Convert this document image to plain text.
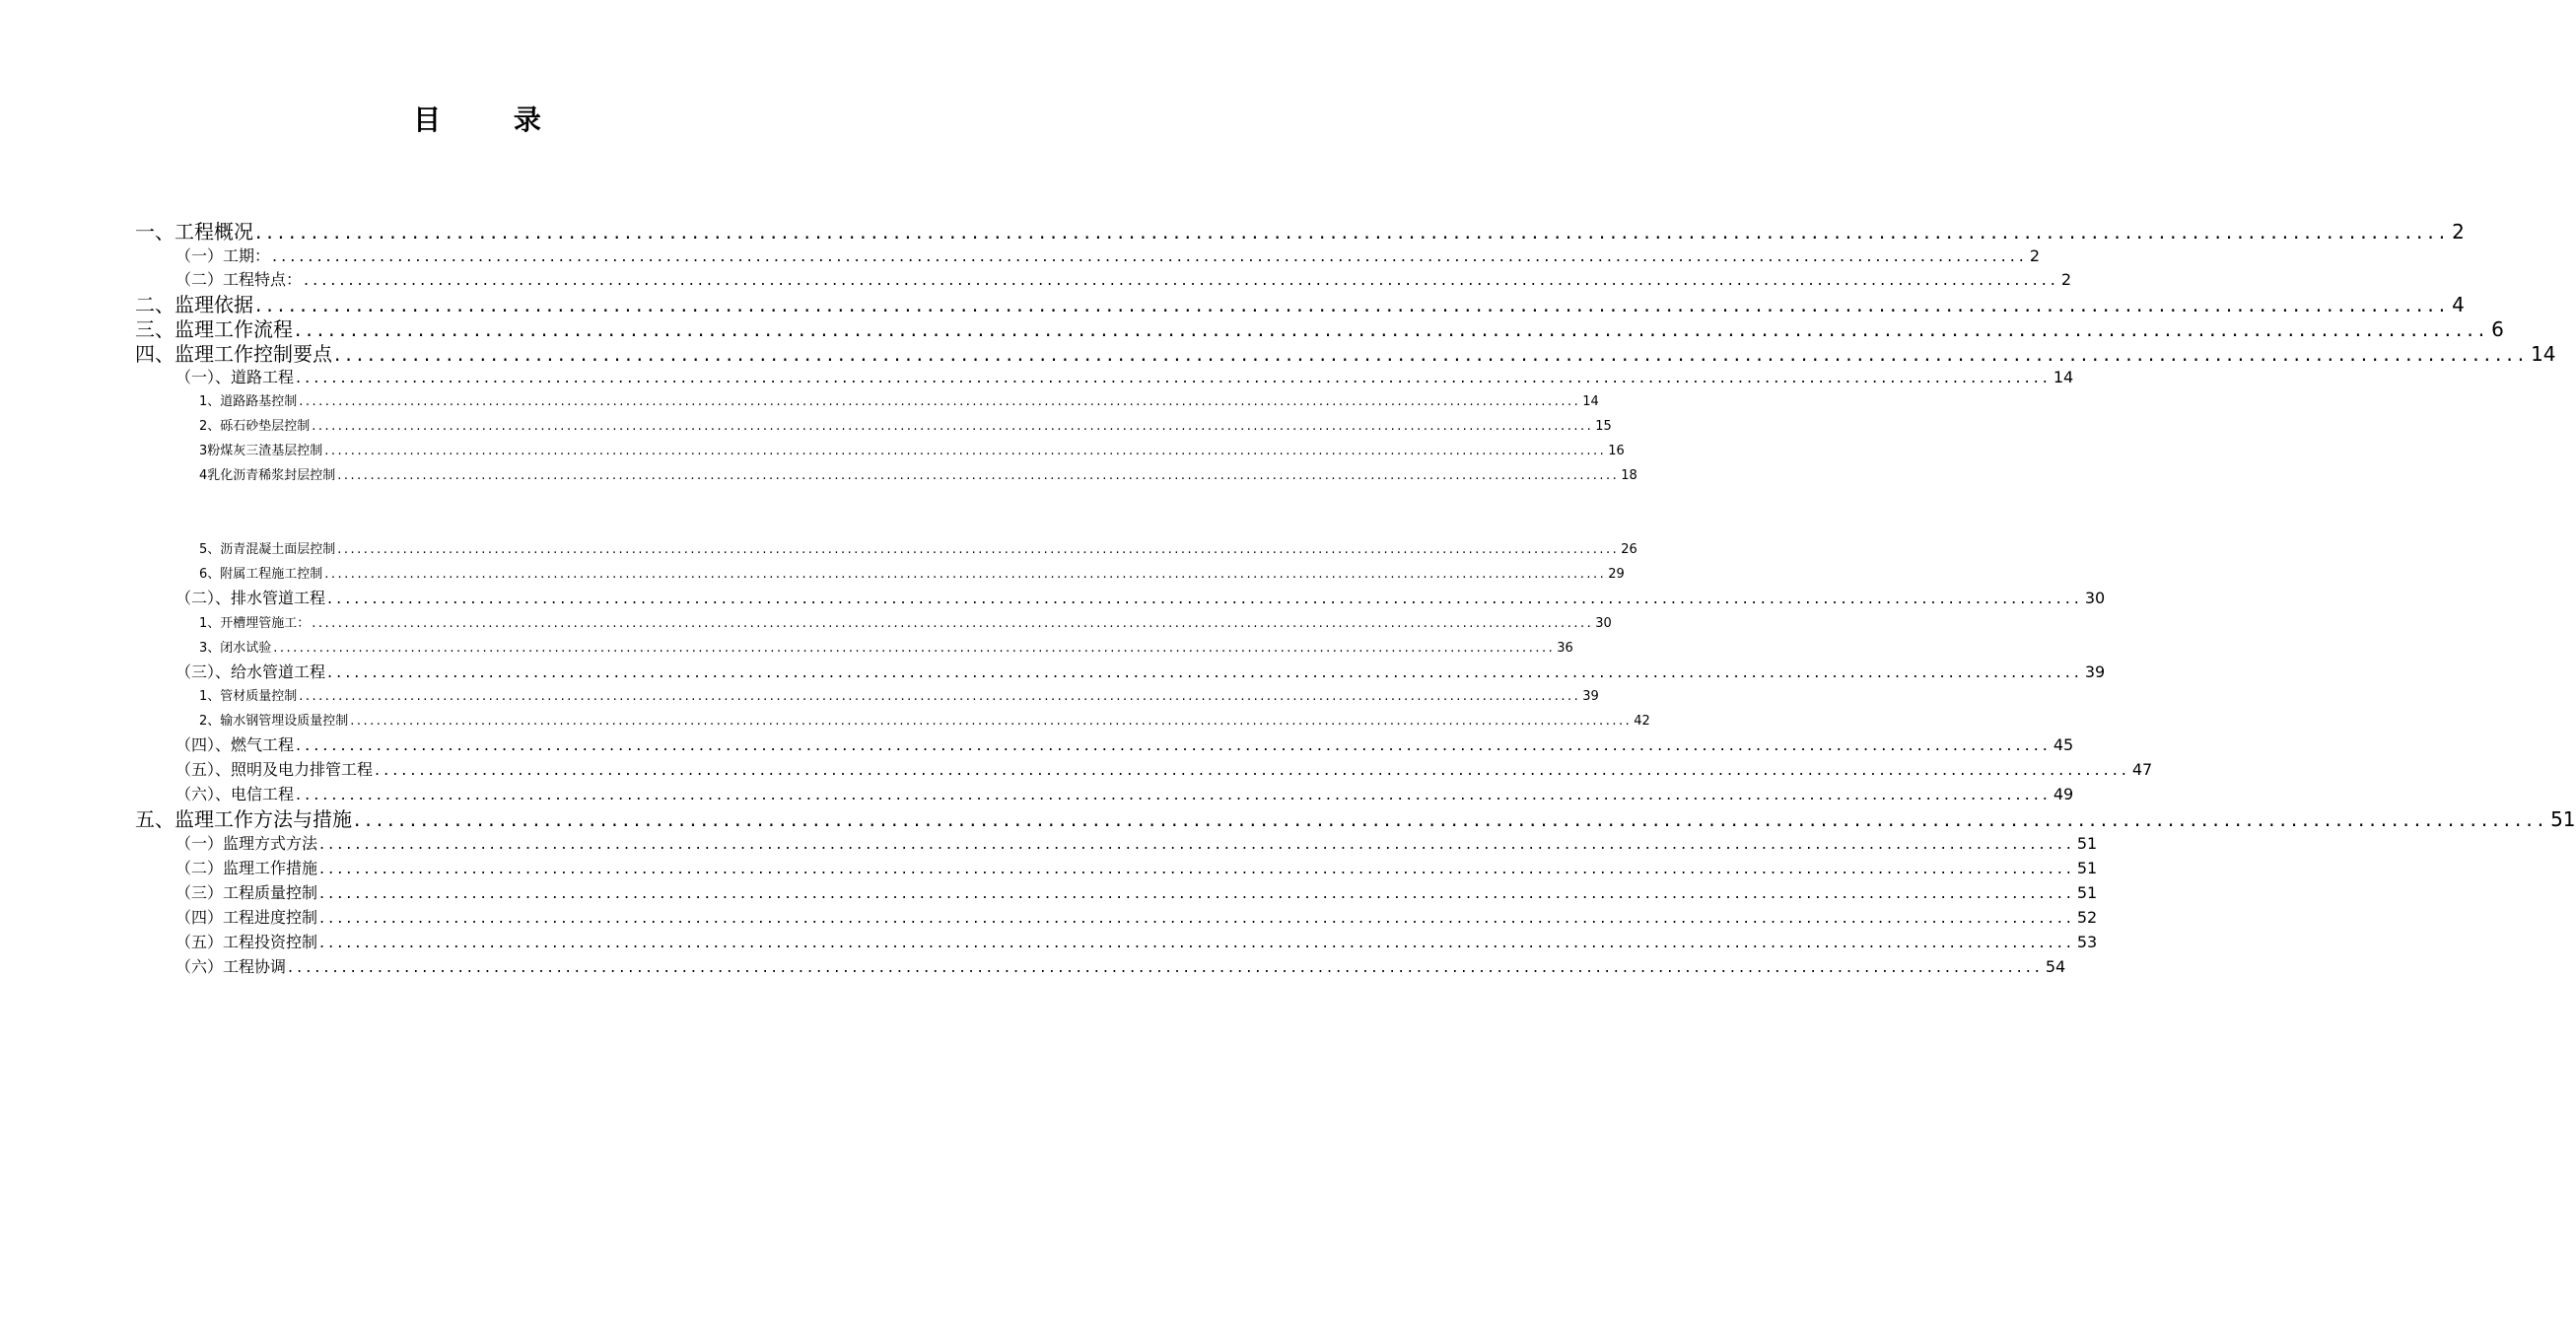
目 录
一、工程概况 .................................................................................................................................................................................................... 2
（一）工期： .................................................................................................................................................................................................... 2
（二）工程特点： .................................................................................................................................................................................................... 2
二、监理依据 .................................................................................................................................................................................................... 4
三、监理工作流程 .................................................................................................................................................................................................... 6
四、监理工作控制要点 .................................................................................................................................................................................................... 14
（一）、道路工程 .................................................................................................................................................................................................... 14
1、道路路基控制 .................................................................................................................................................................................................... 14
2、砾石砂垫层控制 .................................................................................................................................................................................................... 15
3粉煤灰三渣基层控制 .................................................................................................................................................................................................... 16
4乳化沥青稀浆封层控制 .................................................................................................................................................................................................... 18
5、沥青混凝土面层控制 .................................................................................................................................................................................................... 26
6、附属工程施工控制 .................................................................................................................................................................................................... 29
（二）、排水管道工程 .................................................................................................................................................................................................... 30
1、开槽埋管施工： .................................................................................................................................................................................................... 30
3、闭水试验 .................................................................................................................................................................................................... 36
（三）、给水管道工程 .................................................................................................................................................................................................... 39
1、管材质量控制 .................................................................................................................................................................................................... 39
2、输水钢管埋设质量控制 .................................................................................................................................................................................................... 42
（四）、燃气工程 .................................................................................................................................................................................................... 45
（五）、照明及电力排管工程 .................................................................................................................................................................................................... 47
（六）、电信工程 .................................................................................................................................................................................................... 49
五、监理工作方法与措施 .................................................................................................................................................................................................... 51
（一）监理方式方法 .................................................................................................................................................................................................... 51
（二）监理工作措施 .................................................................................................................................................................................................... 51
（三）工程质量控制 .................................................................................................................................................................................................... 51
（四）工程进度控制 .................................................................................................................................................................................................... 52
（五）工程投资控制 .................................................................................................................................................................................................... 53
（六）工程协调 .................................................................................................................................................................................................... 54
